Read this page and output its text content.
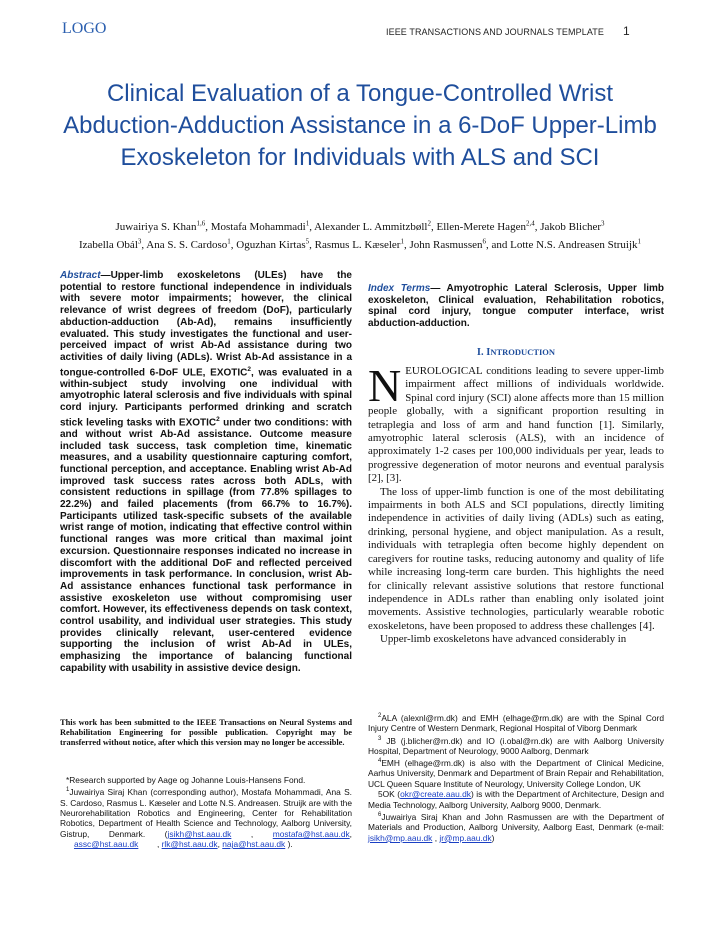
LOGO	IEEE TRANSACTIONS AND JOURNALS TEMPLATE 1
Clinical Evaluation of a Tongue-Controlled Wrist Abduction-Adduction Assistance in a 6-DoF Upper-Limb Exoskeleton for Individuals with ALS and SCI
Juwairiya S. Khan$^{1,6}$, Mostafa Mohammadi$^1$, Alexander L. Ammitzbøll$^2$, Ellen-Merete Hagen$^{2,4}$, Jakob Blicher$^3$
Izabella Obál$^3$, Ana S. S. Cardoso$^1$, Oguzhan Kirtas$^5$, Rasmus L. Kæseler$^1$, John Rasmussen$^6$, and Lotte N.S. Andreasen Struijk$^1$

Abstract—Upper-limb exoskeletons (ULEs) have the potential to restore functional independence in individuals with severe motor impairments; however, the clinical relevance of wrist degrees of freedom (DoF), particularly abduction-adduction (Ab-Ad), remains insufficiently evaluated. This study investigates the functional and user-perceived impact of wrist Ab-Ad assistance during two activities of daily living (ADLs). Wrist Ab-Ad assistance in a tongue-controlled 6-DoF ULE, EXOTIC$^2$, was evaluated in a within-subject study involving one individual with amyotrophic lateral sclerosis and five individuals with spinal cord injury. Participants performed drinking and scratch stick leveling tasks with EXOTIC$^2$ under two conditions: with and without wrist Ab-Ad assistance. Outcome measure included task success, task completion time, kinematic measures, and a usability questionnaire capturing comfort, functional perception, and acceptance. Enabling wrist Ab-Ad improved task success rates across both ADLs, with consistent reductions in spillage (from 77.8% spillages to 22.2%) and failed placements (from 66.7% to 16.7%). Participants utilized task-specific subsets of the available wrist range of motion, indicating that effective control within functional ranges was more critical than maximal joint excursion. Questionnaire responses indicated no increase in discomfort with the additional DoF and reflected perceived improvements in task performance. In conclusion, wrist Ab-Ad assistance enhances functional task performance in assistive exoskeleton use without compromising user comfort. However, its effectiveness depends on task context, control usability, and individual user strategies. This study provides clinically relevant, user-centered evidence supporting the inclusion of wrist Ab-Ad in ULEs, emphasizing the importance of balancing functional capability with usability in assistive device design.

This work has been submitted to the IEEE Transactions on Neural Systems and Rehabilitation Engineering for possible publication. Copyright may be transferred without notice, after which this version may no longer be accessible.

*Research supported by Aage og Johanne Louis-Hansens Fond.

$^1$Juwairiya Siraj Khan (corresponding author), Mostafa Mohammadi, Ana S. S. Cardoso, Rasmus L. Kæseler and Lotte N.S. Andreasen. Struijk are with the Neurorehabilitation Robotics and Engineering, Center for Rehabilitation Robotics, Department of Health Science and Technology, Aalborg University, Gistrup, Denmark. (jsikh@hst.aau.dk , mostafa@hst.aau.dk,       assc@hst.aau.dk        , rlk@hst.aau.dk, naja@hst.aau.dk ).

Index Terms— Amyotrophic Lateral Sclerosis, Upper limb exoskeleton, Clinical evaluation, Rehabilitation robotics, spinal cord injury, tongue computer interface, wrist abduction-adduction.

I. INTRODUCTION

NEUROLOGICAL conditions leading to severe upper-limb impairment affect millions of individuals worldwide. Spinal cord injury (SCI) alone affects more than 15 million people globally, with a significant proportion resulting in tetraplegia and loss of arm and hand function [1]. Similarly, amyotrophic lateral sclerosis (ALS), with an incidence of approximately 1-2 cases per 100,000 individuals per year, leads to progressive degeneration of motor neurons and eventual paralysis [2], [3].

The loss of upper-limb function is one of the most debilitating impairments in both ALS and SCI populations, directly limiting independence in activities of daily living (ADLs) such as eating, drinking, personal hygiene, and object manipulation. As a result, individuals with tetraplegia often become highly dependent on caregivers for routine tasks, reducing autonomy and quality of life while increasing long-term care burden. This highlights the need for clinically relevant assistive solutions that restore functional independence in ADLs rather than enabling only isolated joint movements. Assistive technologies, particularly wearable robotic exoskeletons, have been proposed to address these challenges [4].

Upper-limb exoskeletons have advanced considerably in

$^2$ALA (alexnl@rm.dk) and EMH (elhage@rm.dk) are with the Spinal Cord Injury Centre of Western Denmark, Regional Hospital of Viborg Denmark

$^3$ JB (j.blicher@rn.dk) and IO (i.obal@rn.dk) are with Aalborg University Hospital, Department of Neurology, 9000 Aalborg, Denmark

$^4$EMH (elhage@rm.dk) is also with the Department of Clinical Medicine, Aarhus University, Denmark and Department of Brain Repair and Rehabilitation, UCL Queen Square Institute of Neurology, University College London, UK

5OK (okr@create.aau.dk) is with the Department of Architecture, Design and Media Technology, Aalborg University, Aalborg 9000, Denmark.

$^6$Juwairiya Siraj Khan and John Rasmussen are with the Department of Materials and Production, Aalborg University, Aalborg East, Denmark (e-mail: jsikh@mp.aau.dk , jr@mp.aau.dk)
